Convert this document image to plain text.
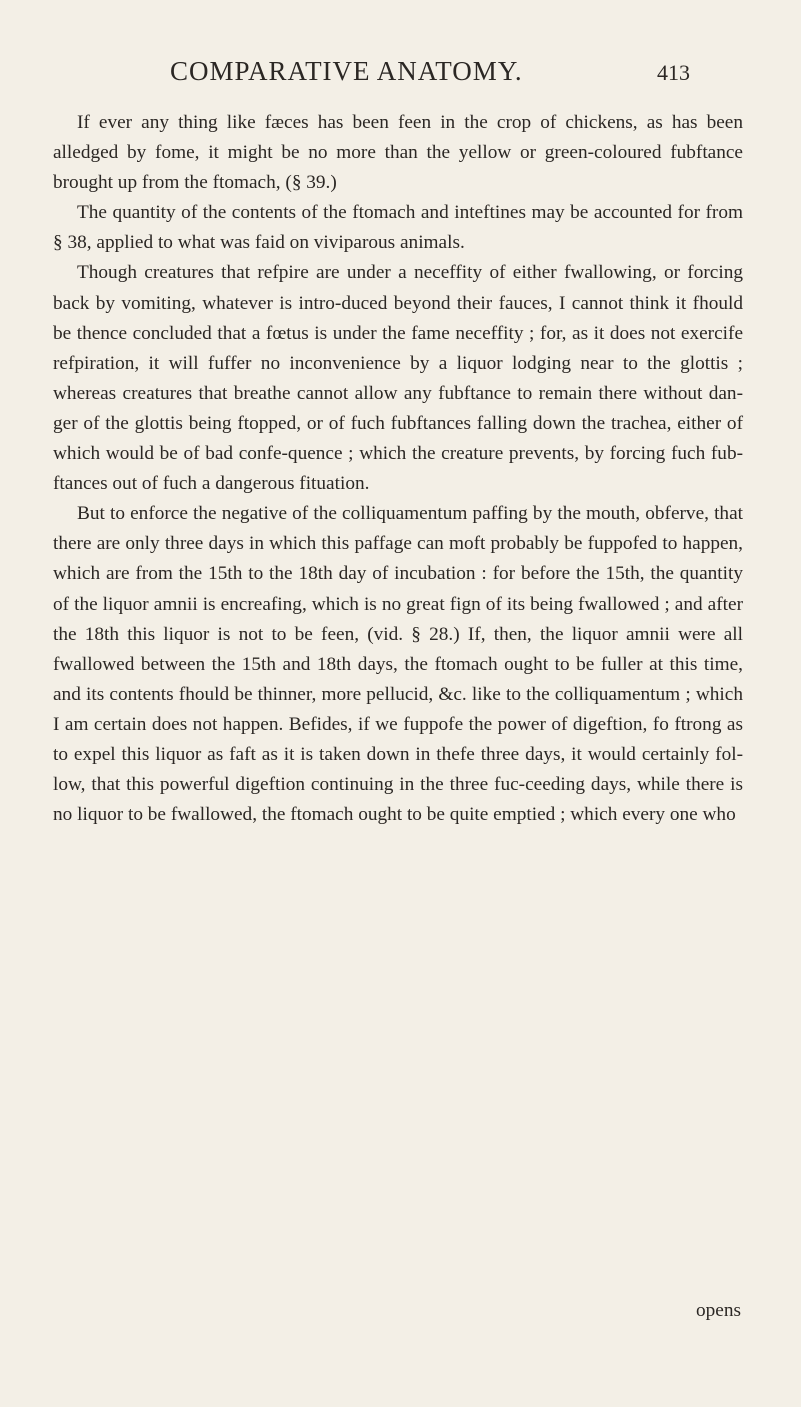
COMPARATIVE ANATOMY.	413

If ever any thing like fæces has been feen in the crop of chickens, as has been alledged by fome, it might be no more than the yellow or green-coloured fubftance brought up from the ftomach, (§ 39.)

The quantity of the contents of the ftomach and inteftines may be accounted for from § 38, applied to what was faid on viviparous animals.

Though creatures that refpire are under a neceffity of either fwallowing, or forcing back by vomiting, whatever is intro-duced beyond their fauces, I cannot think it fhould be thence concluded that a fœtus is under the fame neceffity ; for, as it does not exercife refpiration, it will fuffer no inconvenience by a liquor lodging near to the glottis ; whereas creatures that breathe cannot allow any fubftance to remain there without dan-ger of the glottis being ftopped, or of fuch fubftances falling down the trachea, either of which would be of bad confe-quence ; which the creature prevents, by forcing fuch fub-ftances out of fuch a dangerous fituation.

But to enforce the negative of the colliquamentum paffing by the mouth, obferve, that there are only three days in which this paffage can moft probably be fuppofed to happen, which are from the 15th to the 18th day of incubation : for before the 15th, the quantity of the liquor amnii is encreafing, which is no great fign of its being fwallowed ; and after the 18th this liquor is not to be feen, (vid. § 28.) If, then, the liquor amnii were all fwallowed between the 15th and 18th days, the ftomach ought to be fuller at this time, and its contents fhould be thinner, more pellucid, &c. like to the colliquamentum ; which I am certain does not happen. Befides, if we fuppofe the power of digeftion, fo ftrong as to expel this liquor as faft as it is taken down in thefe three days, it would certainly fol-low, that this powerful digeftion continuing in the three fuc-ceeding days, while there is no liquor to be fwallowed, the ftomach ought to be quite emptied ; which every one who

opens
